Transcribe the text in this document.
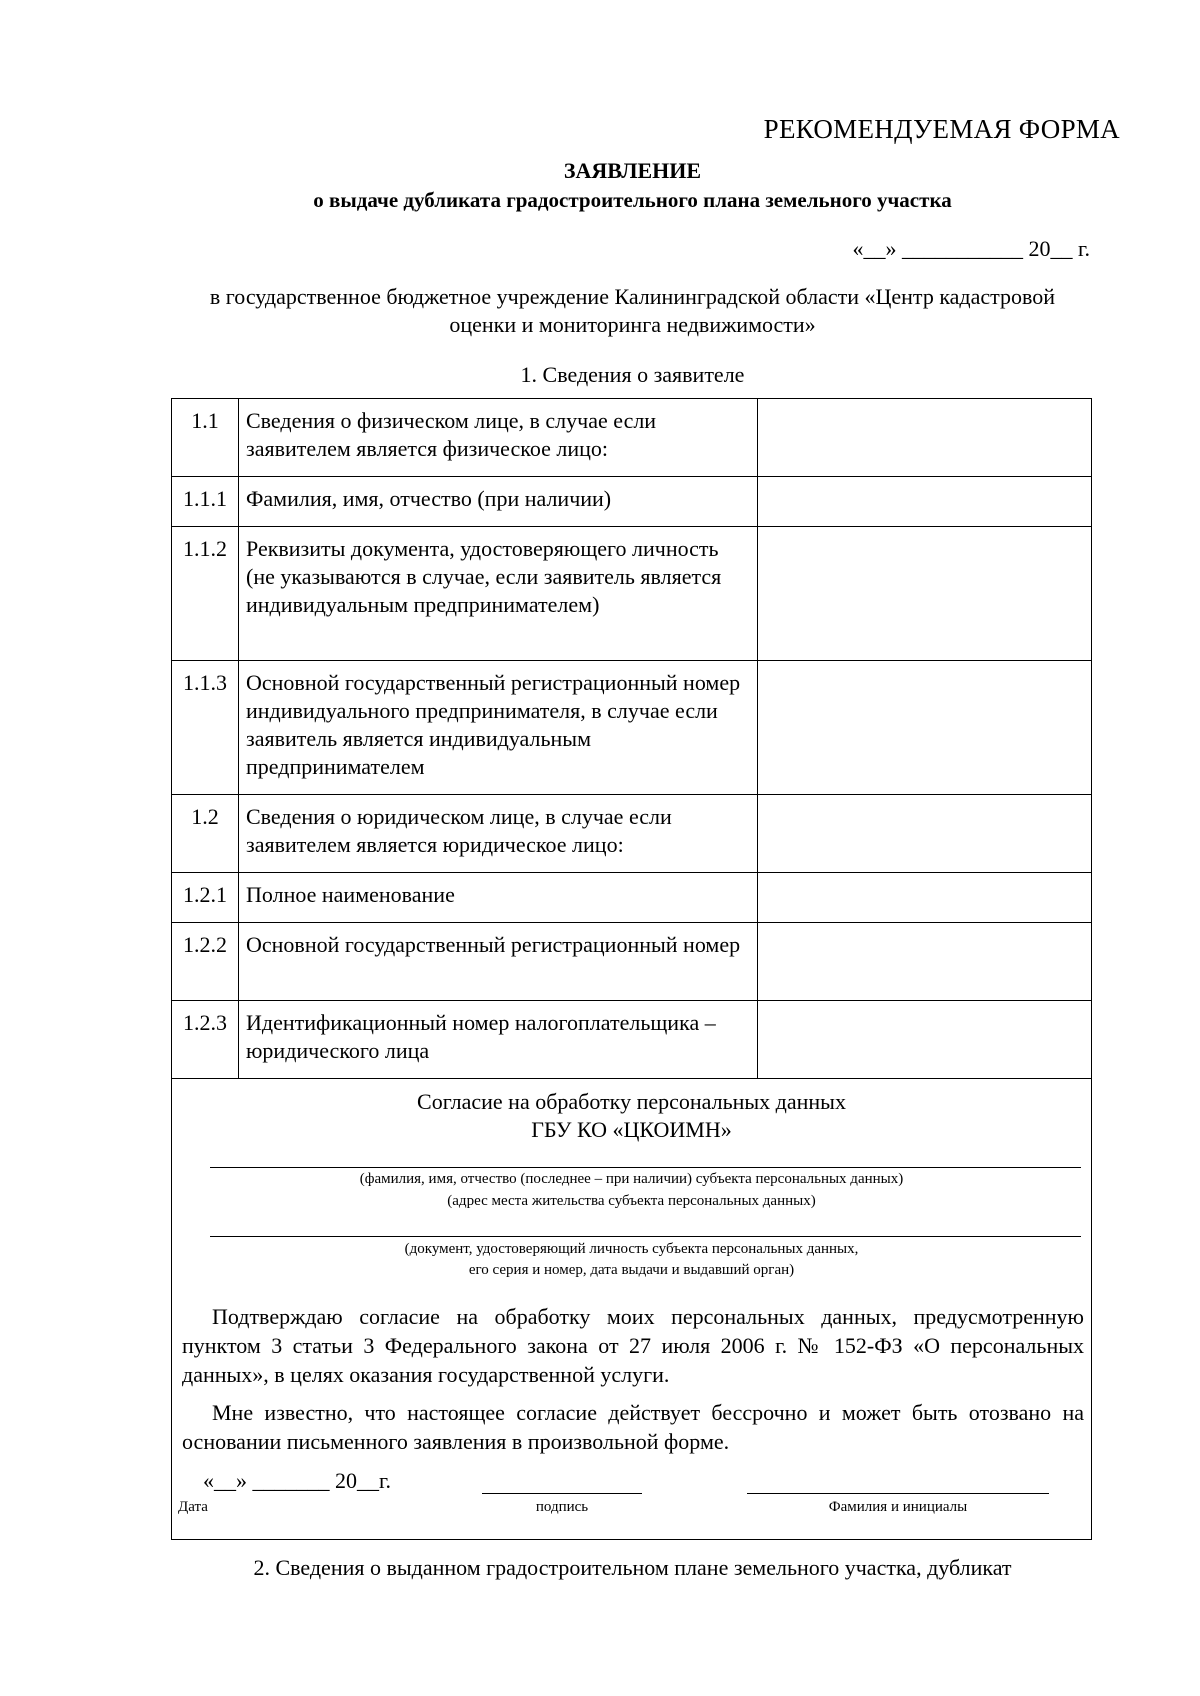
РЕКОМЕНДУЕМАЯ ФОРМА
ЗАЯВЛЕНИЕ
о выдаче дубликата градостроительного плана земельного участка
«__» ___________ 20__ г.
в государственное бюджетное учреждение Калининградской области «Центр кадастровой оценки и мониторинга недвижимости»
1. Сведения о заявителе
1.1	Сведения о физическом лице, в случае если заявителем является физическое лицо:	
1.1.1	Фамилия, имя, отчество (при наличии)	
1.1.2	Реквизиты документа, удостоверяющего личность (не указываются в случае, если заявитель является индивидуальным предпринимателем)	
1.1.3	Основной государственный регистрационный номер индивидуального предпринимателя, в случае если заявитель является индивидуальным предпринимателем	
1.2	Сведения о юридическом лице, в случае если заявителем является юридическое лицо:	
1.2.1	Полное наименование	
1.2.2	Основной государственный регистрационный номер	
1.2.3	Идентификационный номер налогоплательщика – юридического лица	
Согласие на обработку персональных данных
ГБУ КО «ЦКОИМН»
(фамилия, имя, отчество (последнее – при наличии) субъекта персональных данных)
(адрес места жительства субъекта персональных данных)
(документ, удостоверяющий личность субъекта персональных данных,
его серия и номер, дата выдачи и выдавший орган)
Подтверждаю согласие на обработку моих персональных данных, предусмотренную пунктом 3 статьи 3 Федерального закона от 27 июля 2006 г. № 152-ФЗ «О персональных данных», в целях оказания государственной услуги.
Мне известно, что настоящее согласие действует бессрочно и может быть отозвано на основании письменного заявления в произвольной форме.
«__» _______ 20__г.
Дата	подпись	Фамилия и инициалы
2. Сведения о выданном градостроительном плане земельного участка, дубликат
